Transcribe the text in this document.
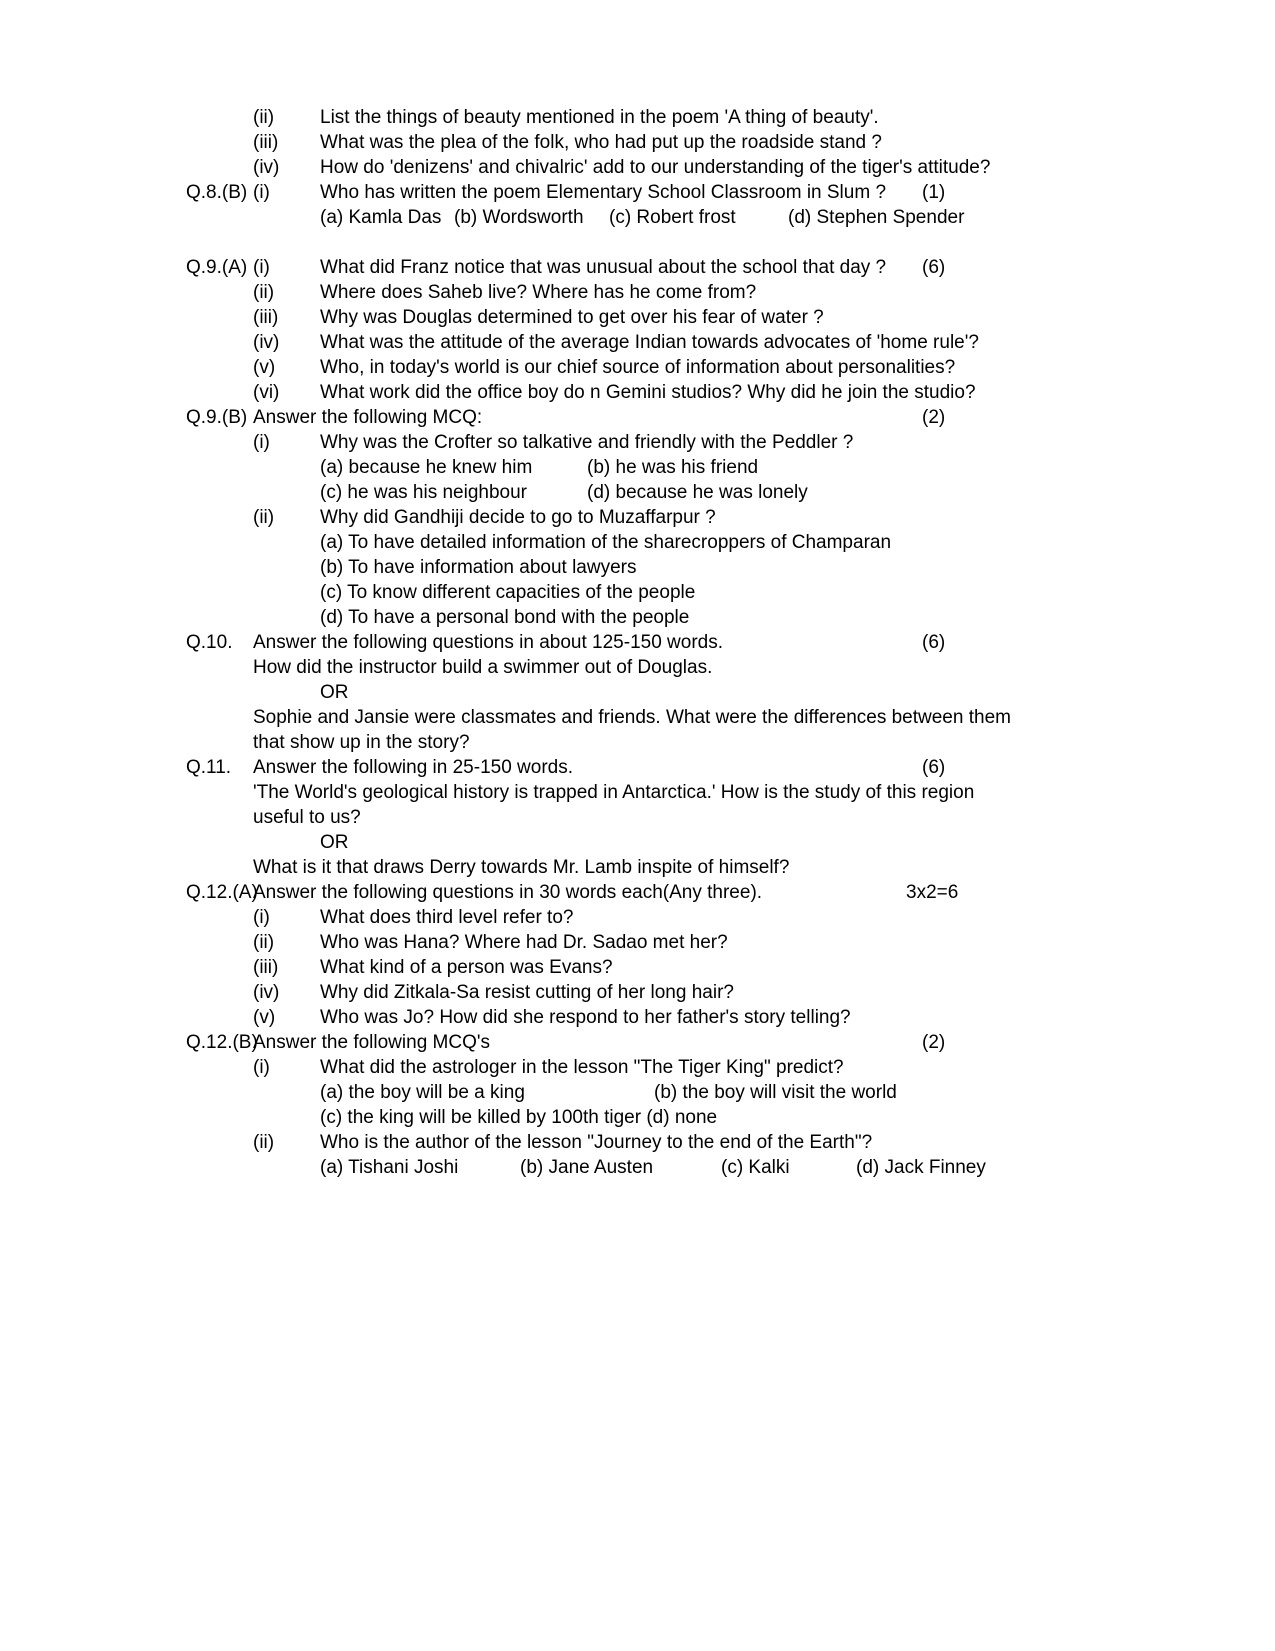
(ii) List the things of beauty mentioned in the poem 'A thing of beauty'.
(iii) What was the plea of the folk, who had put up the roadside stand ?
(iv) How do 'denizens' and chivalric' add to our understanding of the tiger's attitude?
Q.8.(B) (i)	Who has written the poem Elementary School Classroom in Slum ? (1)
(a) Kamla Das (b) Wordsworth (c) Robert frost	(d) Stephen Spender
Q.9.(A) (i)	What did Franz notice that was unusual about the school that day ? (6)
(ii) Where does Saheb live? Where has he come from?
(iii) Why was Douglas determined to get over his fear of water ?
(iv) What was the attitude of the average Indian towards advocates of 'home rule'?
(v) Who, in today's world is our chief source of information about personalities?
(vi) What work did the office boy do n Gemini studios? Why did he join the studio?
Q.9.(B) Answer the following MCQ:	(2)
(i)	Why was the Crofter so talkative and friendly with the Peddler ?
(a) because he knew him	(b) he was his friend
(c) he was his neighbour	(d) because he was lonely
(ii) Why did Gandhiji decide to go to Muzaffarpur ?
(a) To have detailed information of the sharecroppers of Champaran
(b) To have information about lawyers
(c) To know different capacities of the people
(d) To have a personal bond with the people
Q.10. Answer the following questions in about 125-150 words.	(6)
How did the instructor build a swimmer out of Douglas.
OR
Sophie and Jansie were classmates and friends. What were the differences between them
that show up in the story?
Q.11. Answer the following in 25-150 words.	(6)
'The World's geological history is trapped in Antarctica.' How is the study of this region
useful to us?
OR
What is it that draws Derry towards Mr. Lamb inspite of himself?
Q.12.(A)
Answer the following questions in 30 words each(Any three).	3x2=6
(i)	What does third level refer to?
(ii) Who was Hana? Where had Dr. Sadao met her?
(iii) What kind of a person was Evans?
(iv) Why did Zitkala-Sa resist cutting of her long hair?
(v) Who was Jo? How did she respond to her father's story telling?
Q.12.(B)
Answer the following MCQ's	(2)
(i)	What did the astrologer in the lesson "The Tiger King" predict?
(a) the boy will be a king	(b) the boy will visit the world
(c) the king will be killed by 100th tiger (d) none
(ii) Who is the author of the lesson "Journey to the end of the Earth"?
(a) Tishani Joshi	(b) Jane Austen	(c) Kalki	(d) Jack Finney
